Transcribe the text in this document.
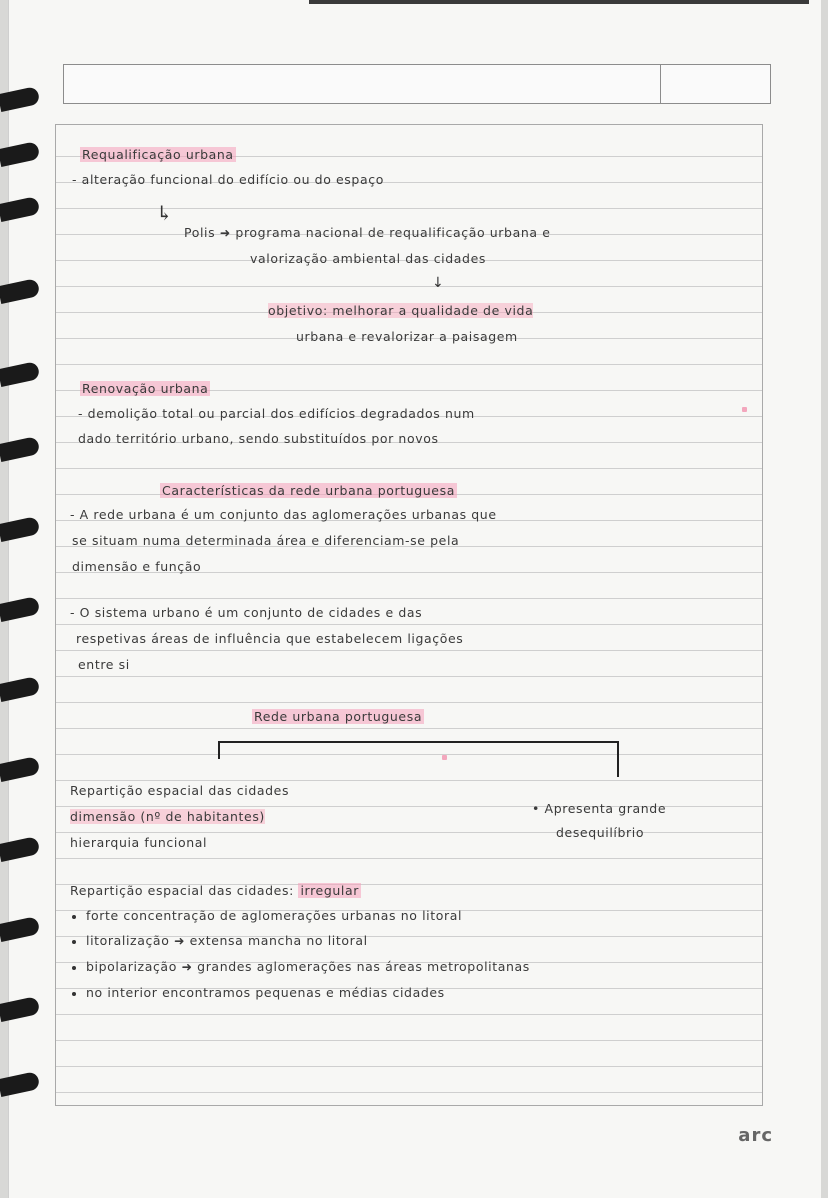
Requalificação urbana
- alteração funcional do edifício ou do espaço
↳
Polis ➜ programa nacional de requalificação urbana e
valorização ambiental das cidades
↓
objetivo: melhorar a qualidade de vida
urbana e revalorizar a paisagem
Renovação urbana
- demolição total ou parcial dos edifícios degradados num
dado território urbano, sendo substituídos por novos
Características da rede urbana portuguesa
- A rede urbana é um conjunto das aglomerações urbanas que
se situam numa determinada área e diferenciam-se pela
dimensão e função
- O sistema urbano é um conjunto de cidades e das
respetivas áreas de influência que estabelecem ligações
entre si
Rede urbana portuguesa
Repartição espacial das cidades
dimensão (nº de habitantes)
hierarquia funcional
• Apresenta grande
desequilíbrio
Repartição espacial das cidades: irregular
forte concentração de aglomerações urbanas no litoral
litoralização ➜ extensa mancha no litoral
bipolarização ➜ grandes aglomerações nas áreas metropolitanas
no interior encontramos pequenas e médias cidades
arc
